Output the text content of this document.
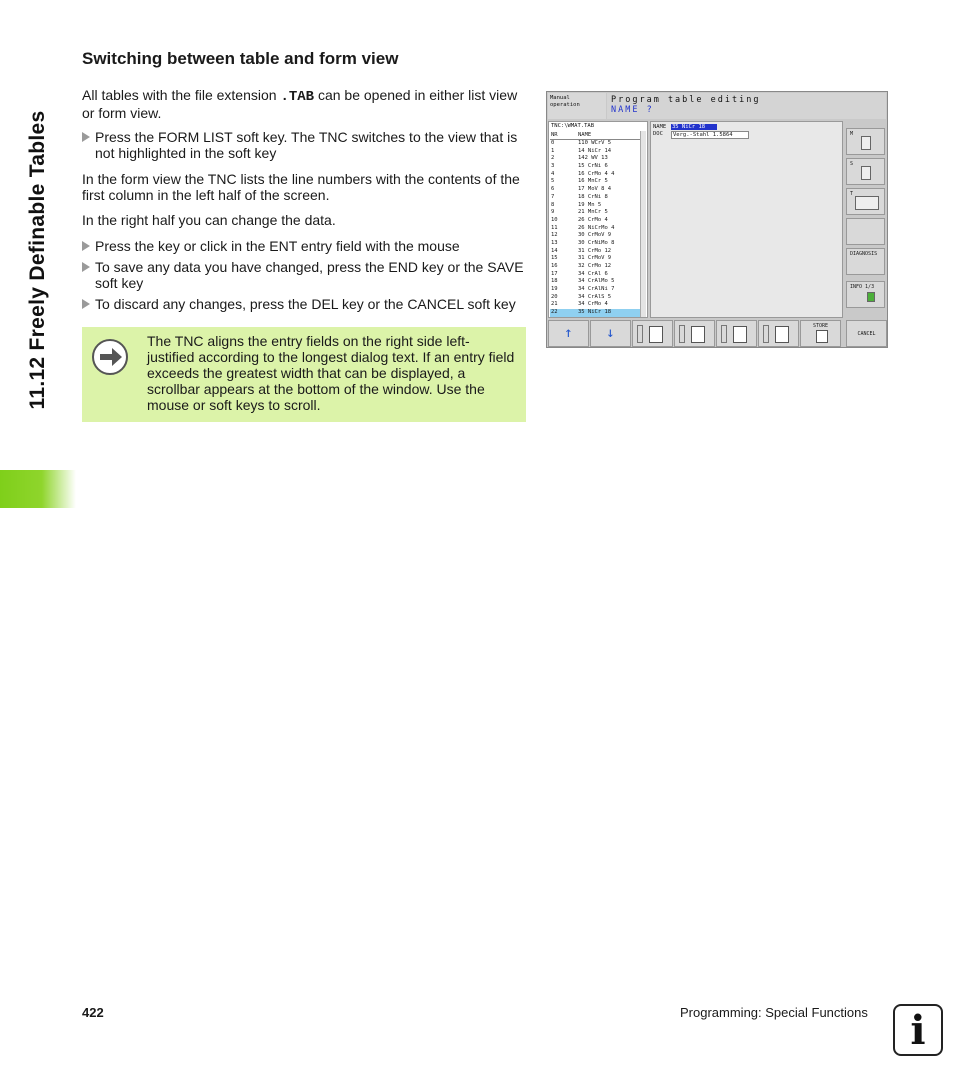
11.12 Freely Definable Tables
Switching between table and form view

All tables with the file extension .TAB can be opened in either list view or form view.

Press the FORM LIST soft key. The TNC switches to the view that is not highlighted in the soft key

In the form view the TNC lists the line numbers with the contents of the first column in the left half of the screen.

In the right half you can change the data.

Press the key or click in the ENT entry field with the mouse
To save any data you have changed, press the END key or the SAVE soft key
To discard any changes, press the DEL key or the CANCEL soft key
The TNC aligns the entry fields on the right side left-justified according to the longest dialog text. If an entry field exceeds the greatest width that can be displayed, a scrollbar appears at the bottom of the window. Use the mouse or soft keys to scroll.
Manual
operation	Program table editing
NAME ?
TNC:\WMAT.TAB
NR	NAME
0	110 WCrV 5
1	14 NiCr 14
2	142 WV 13
3	15 CrNi 6
4	16 CrMo 4 4
5	16 MnCr 5
6	17 MoV 8 4
7	18 CrNi 8
8	19 Mn 5
9	21 MnCr 5
10	26 CrMo 4
11	26 NiCrMo 4
12	30 CrMoV 9
13	30 CrNiMo 8
14	31 CrMo 12
15	31 CrMoV 9
16	32 CrMo 12
17	34 CrAl 6
18	34 CrAlMo 5
19	34 CrAlNi 7
20	34 CrAlS 5
21	34 CrMo 4
22	35 NiCr 18
NAME 35 NiCr 18
DOC	Verg.-Stahl 1.5864	M
S
T
DIAGNOSIS
INFO 1/3
↑	↓	STORE
CANCEL
422	Programming: Special Functions	i
